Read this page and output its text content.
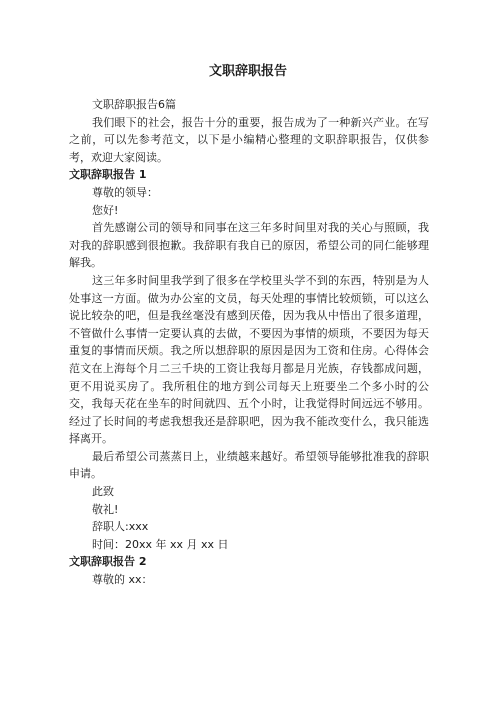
文职辞职报告

文职辞职报告6篇

我们眼下的社会，报告十分的重要，报告成为了一种新兴产业。在写之前，可以先参考范文，以下是小编精心整理的文职辞职报告，仅供参考，欢迎大家阅读。

文职辞职报告 1

尊敬的领导：

您好!

首先感谢公司的领导和同事在这三年多时间里对我的关心与照顾，我对我的辞职感到很抱歉。我辞职有我自已的原因，希望公司的同仁能够理解我。

这三年多时间里我学到了很多在学校里头学不到的东西，特别是为人处事这一方面。做为办公室的文员，每天处理的事情比较烦锁，可以这么说比较杂的吧，但是我丝毫没有感到厌倦，因为我从中悟出了很多道理，不管做什么事情一定要认真的去做，不要因为事情的烦琐，不要因为每天重复的事情而厌烦。我之所以想辞职的原因是因为工资和住房。心得体会范文在上海每个月二三千块的工资让我每月都是月光族，存钱都成问题，更不用说买房了。我所租住的地方到公司每天上班要坐二个多小时的公交，我每天花在坐车的时间就四、五个小时，让我觉得时间远远不够用。经过了长时间的考虑我想我还是辞职吧，因为我不能改变什么，我只能选择离开。

最后希望公司蒸蒸日上，业绩越来越好。希望领导能够批准我的辞职申请。

此致

敬礼!

辞职人:xxx

时间：20xx 年 xx 月 xx 日

文职辞职报告 2

尊敬的 xx：
